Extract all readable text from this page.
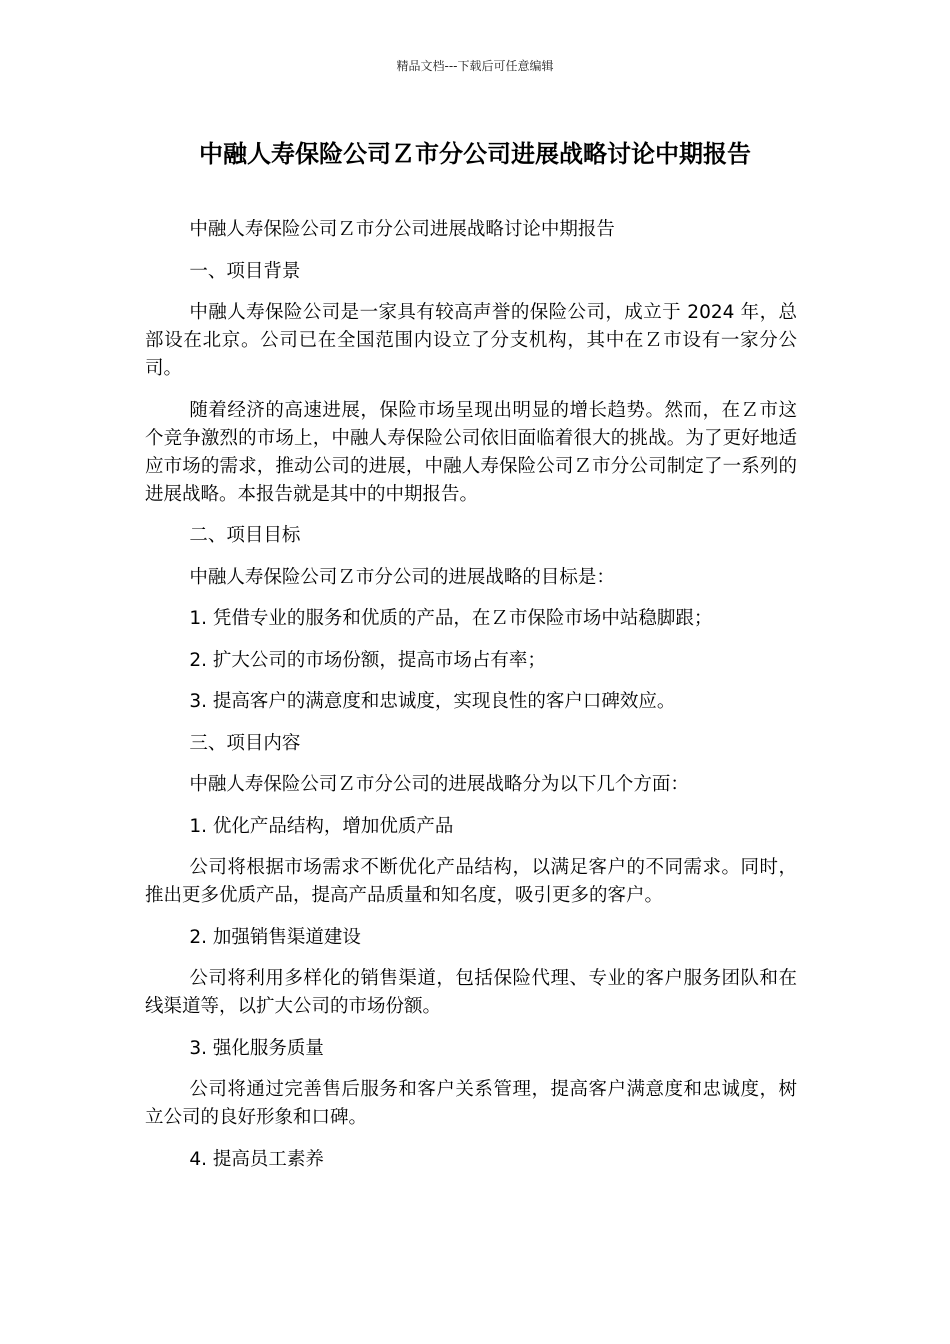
精品文档---下载后可任意编辑
中融人寿保险公司Ｚ市分公司进展战略讨论中期报告

中融人寿保险公司Ｚ市分公司进展战略讨论中期报告

一、项目背景

中融人寿保险公司是一家具有较高声誉的保险公司，成立于 2024 年，总部设在北京。公司已在全国范围内设立了分支机构，其中在Ｚ市设有一家分公司。

随着经济的高速进展，保险市场呈现出明显的增长趋势。然而，在Ｚ市这个竞争激烈的市场上，中融人寿保险公司依旧面临着很大的挑战。为了更好地适应市场的需求，推动公司的进展，中融人寿保险公司Ｚ市分公司制定了一系列的进展战略。本报告就是其中的中期报告。

二、项目目标

中融人寿保险公司Ｚ市分公司的进展战略的目标是：

1. 凭借专业的服务和优质的产品，在Ｚ市保险市场中站稳脚跟；

2. 扩大公司的市场份额，提高市场占有率；

3. 提高客户的满意度和忠诚度，实现良性的客户口碑效应。

三、项目内容

中融人寿保险公司Ｚ市分公司的进展战略分为以下几个方面：

1. 优化产品结构，增加优质产品

公司将根据市场需求不断优化产品结构，以满足客户的不同需求。同时，推出更多优质产品，提高产品质量和知名度，吸引更多的客户。

2. 加强销售渠道建设

公司将利用多样化的销售渠道，包括保险代理、专业的客户服务团队和在线渠道等，以扩大公司的市场份额。

3. 强化服务质量

公司将通过完善售后服务和客户关系管理，提高客户满意度和忠诚度，树立公司的良好形象和口碑。

4. 提高员工素养
